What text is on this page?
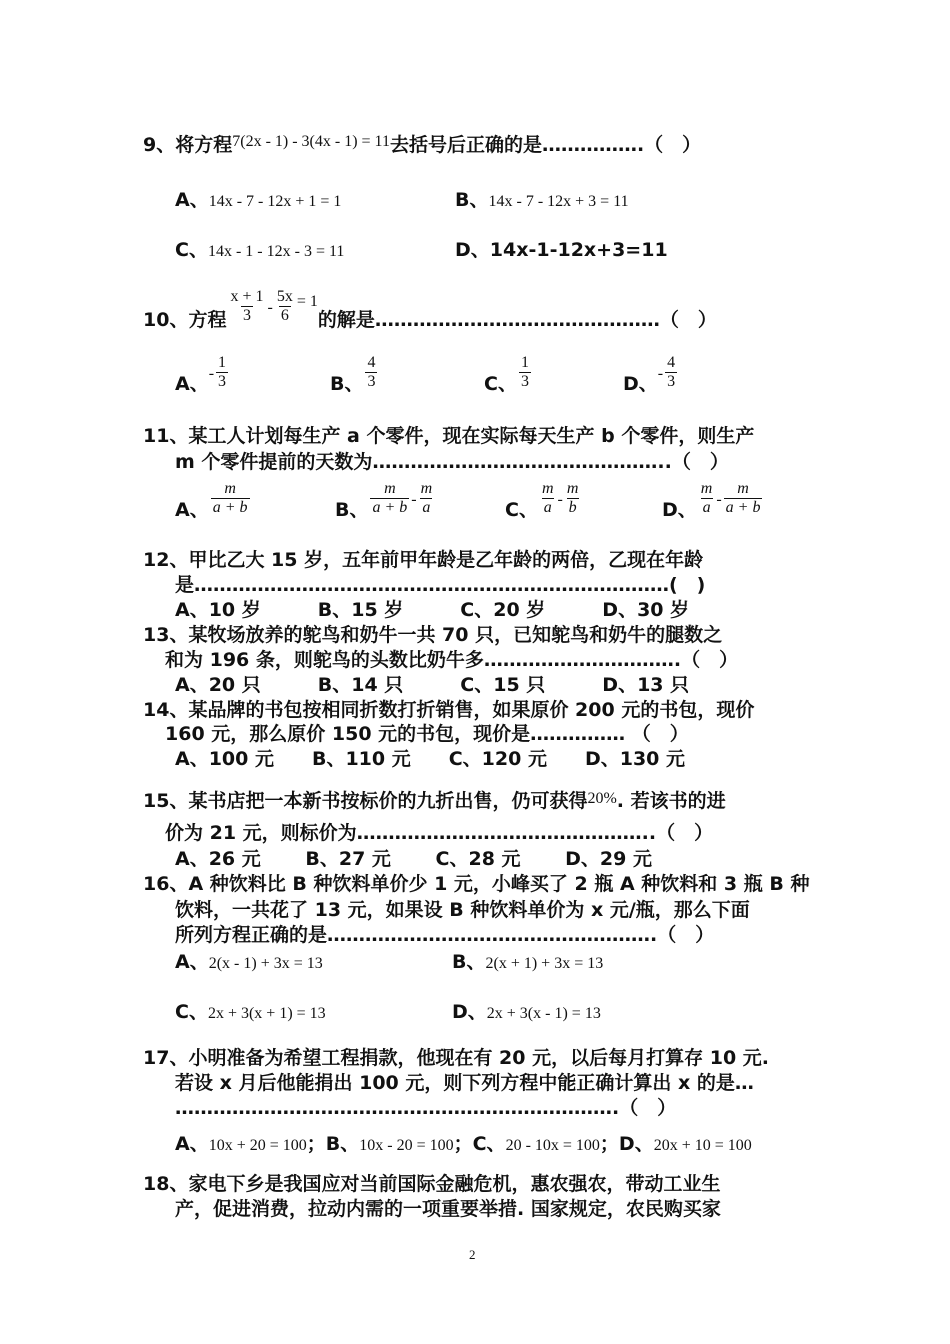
9、将方程$^{7(2x - 1) - 3(4x - 1) = 11}$去括号后正确的是…………….（　）
A、14x - 7 - 12x + 1 = 1	B、14x - 7 - 12x + 3 = 11
C、14x - 1 - 12x - 3 = 11	D、14x-1-12x+3=11
10、方程 $\frac{x + 1}{3} - \frac{5x}{6} ^{= 1}$的解是………………………………………（　）
A、- $\frac{1}{3}$	B、 $\frac{4}{3}$	C、 $\frac{1}{3}$	D、- $\frac{4}{3}$
11、某工人计划每生产 a 个零件，现在实际每天生产 b 个零件，则生产
m 个零件提前的天数为………………………………………..（　）
A、 $\frac{m}{a + b}$	B、 $\frac{m}{a + b} - \frac{m}{a}$	C、 $\frac{m}{a} - \frac{m}{b}$	D、 $\frac{m}{a} - \frac{m}{a + b}$
12、甲比乙大 15 岁，五年前甲年龄是乙年龄的两倍，乙现在年龄
是…………………………………………………………………(　)
A、10 岁　　　B、15 岁　　　C、20 岁　　　D、30 岁
13、某牧场放养的鸵鸟和奶牛一共 70 只，已知鸵鸟和奶牛的腿数之
和为 196 条，则鸵鸟的头数比奶牛多………………………….（　）
A、20 只　　　B、14 只　　　C、15 只　　　D、13 只
14、某品牌的书包按相同折数打折销售，如果原价 200 元的书包，现价
160 元，那么原价 150 元的书包，现价是…………… （　）
A、100 元　　B、110 元　　C、120 元　　D、130 元
15、某书店把一本新书按标价的九折出售，仍可获得$^{20\%}$. 若该书的进
价为 21 元，则标价为………………………………………..（　）
A、26 元　　 B、27 元　　 C、28 元　　 D、29 元
16、A 种饮料比 B 种饮料单价少 1 元，小峰买了 2 瓶 A 种饮料和 3 瓶 B 种
饮料，一共花了 13 元，如果设 B 种饮料单价为 x 元/瓶，那么下面
所列方程正确的是…………………………………………….（　）
A、2(x - 1) + 3x = 13	B、2(x + 1) + 3x = 13
C、2x + 3(x + 1) = 13	D、2x + 3(x - 1) = 13
17、小明准备为希望工程捐款，他现在有 20 元，以后每月打算存 10 元.
若设 x 月后他能捐出 100 元，则下列方程中能正确计算出 x 的是…
…………………………………………………………….（　）
A、10x + 20 = 100；B、10x - 20 = 100；C、20 - 10x = 100；D、20x + 10 = 100
18、家电下乡是我国应对当前国际金融危机，惠农强农，带动工业生
产，促进消费，拉动内需的一项重要举措. 国家规定，农民购买家
2
